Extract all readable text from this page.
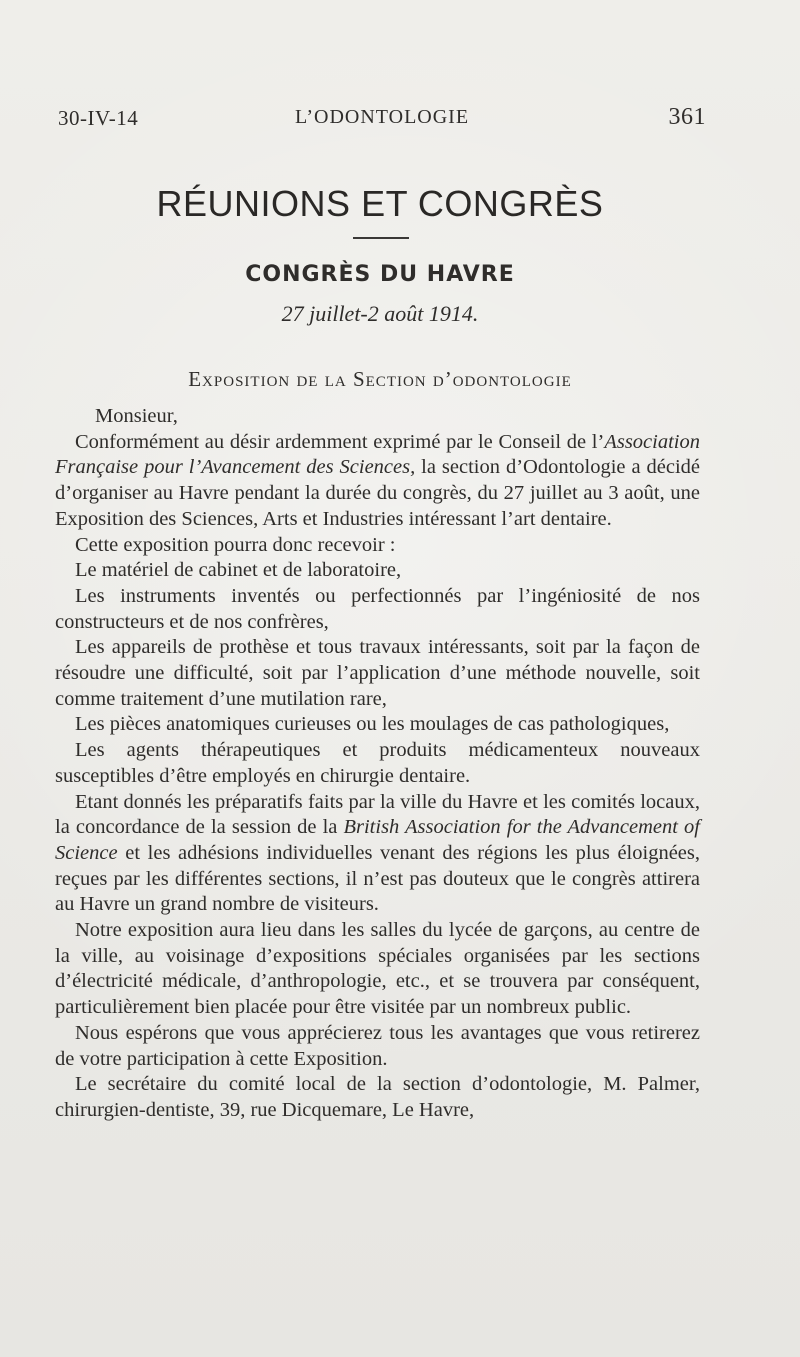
30-IV-14	L’ODONTOLOGIE	361
RÉUNIONS ET CONGRÈS
CONGRÈS DU HAVRE
27 juillet-2 août 1914.
Exposition de la Section d’odontologie

Monsieur,

Conformément au désir ardemment exprimé par le Conseil de l’Association Française pour l’Avancement des Sciences, la section d’Odontologie a décidé d’organiser au Havre pendant la durée du congrès, du 27 juillet au 3 août, une Exposition des Sciences, Arts et Industries intéressant l’art dentaire.

Cette exposition pourra donc recevoir :

Le matériel de cabinet et de laboratoire,

Les instruments inventés ou perfectionnés par l’ingéniosité de nos constructeurs et de nos confrères,

Les appareils de prothèse et tous travaux intéressants, soit par la façon de résoudre une difficulté, soit par l’application d’une méthode nouvelle, soit comme traitement d’une mutilation rare,

Les pièces anatomiques curieuses ou les moulages de cas pathologiques,

Les agents thérapeutiques et produits médicamenteux nouveaux susceptibles d’être employés en chirurgie dentaire.

Etant donnés les préparatifs faits par la ville du Havre et les comités locaux, la concordance de la session de la British Association for the Advancement of Science et les adhésions individuelles venant des régions les plus éloignées, reçues par les différentes sections, il n’est pas douteux que le congrès attirera au Havre un grand nombre de visiteurs.

Notre exposition aura lieu dans les salles du lycée de garçons, au centre de la ville, au voisinage d’expositions spéciales organisées par les sections d’électricité médicale, d’anthropologie, etc., et se trouvera par conséquent, particulièrement bien placée pour être visitée par un nombreux public.

Nous espérons que vous apprécierez tous les avantages que vous retirerez de votre participation à cette Exposition.

Le secrétaire du comité local de la section d’odontologie, M. Palmer, chirurgien-dentiste, 39, rue Dicquemare, Le Havre,
